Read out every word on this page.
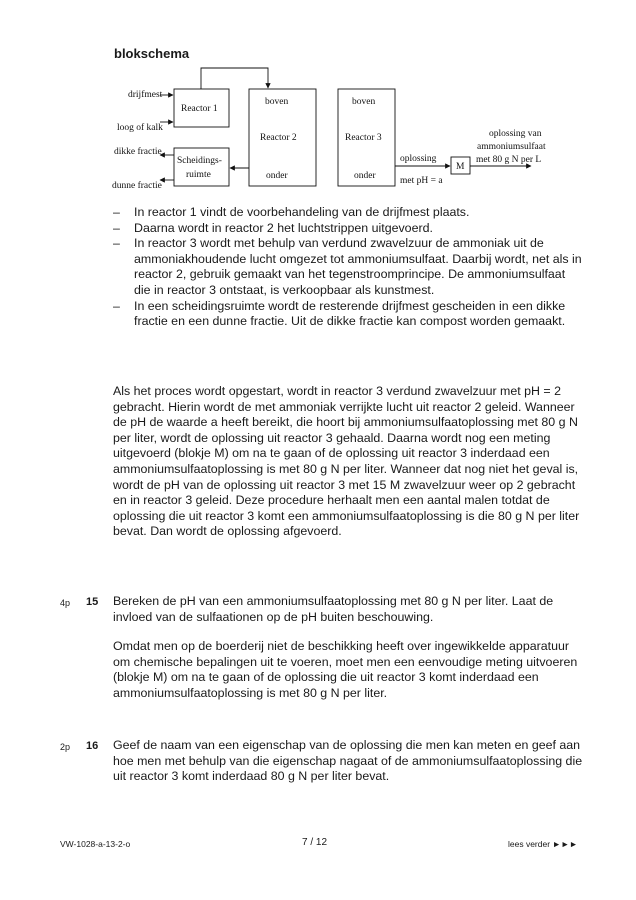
blokschema
drijfmest
loog of kalk
dikke fractie
dunne fractie
Reactor 1
Scheidings-
ruimte
boven
Reactor 2
onder
boven
Reactor 3
onder
oplossing
met pH = a
M
oplossing van
ammoniumsulfaat
met 80 g N per L
– In reactor 1 vindt de voorbehandeling van de drijfmest plaats.
– Daarna wordt in reactor 2 het luchtstrippen uitgevoerd.
– In reactor 3 wordt met behulp van verdund zwavelzuur de ammoniak uit de ammoniakhoudende lucht omgezet tot ammoniumsulfaat. Daarbij wordt, net als in reactor 2, gebruik gemaakt van het tegenstroomprincipe. De ammoniumsulfaat die in reactor 3 ontstaat, is verkoopbaar als kunstmest.
– In een scheidingsruimte wordt de resterende drijfmest gescheiden in een dikke fractie en een dunne fractie. Uit de dikke fractie kan compost worden gemaakt.

Als het proces wordt opgestart, wordt in reactor 3 verdund zwavelzuur met pH = 2 gebracht. Hierin wordt de met ammoniak verrijkte lucht uit reactor 2 geleid. Wanneer de pH de waarde a heeft bereikt, die hoort bij ammoniumsulfaatoplossing met 80 g N per liter, wordt de oplossing uit reactor 3 gehaald. Daarna wordt nog een meting uitgevoerd (blokje M) om na te gaan of de oplossing uit reactor 3 inderdaad een ammoniumsulfaatoplossing is met 80 g N per liter. Wanneer dat nog niet het geval is, wordt de pH van de oplossing uit reactor 3 met 15 M zwavelzuur weer op 2 gebracht en in reactor 3 geleid. Deze procedure herhaalt men een aantal malen totdat de oplossing die uit reactor 3 komt een ammoniumsulfaatoplossing is die 80 g N per liter bevat. Dan wordt de oplossing afgevoerd.

4p 15 Bereken de pH van een ammoniumsulfaatoplossing met 80 g N per liter. Laat de invloed van de sulfaationen op de pH buiten beschouwing.

Omdat men op de boerderij niet de beschikking heeft over ingewikkelde apparatuur om chemische bepalingen uit te voeren, moet men een eenvoudige meting uitvoeren (blokje M) om na te gaan of de oplossing die uit reactor 3 komt inderdaad een ammoniumsulfaatoplossing is met 80 g N per liter.

2p 16 Geef de naam van een eigenschap van de oplossing die men kan meten en geef aan hoe men met behulp van die eigenschap nagaat of de ammoniumsulfaatoplossing die uit reactor 3 komt inderdaad 80 g N per liter bevat.

VW-1028-a-13-2-o	7 / 12	lees verder ►►►
